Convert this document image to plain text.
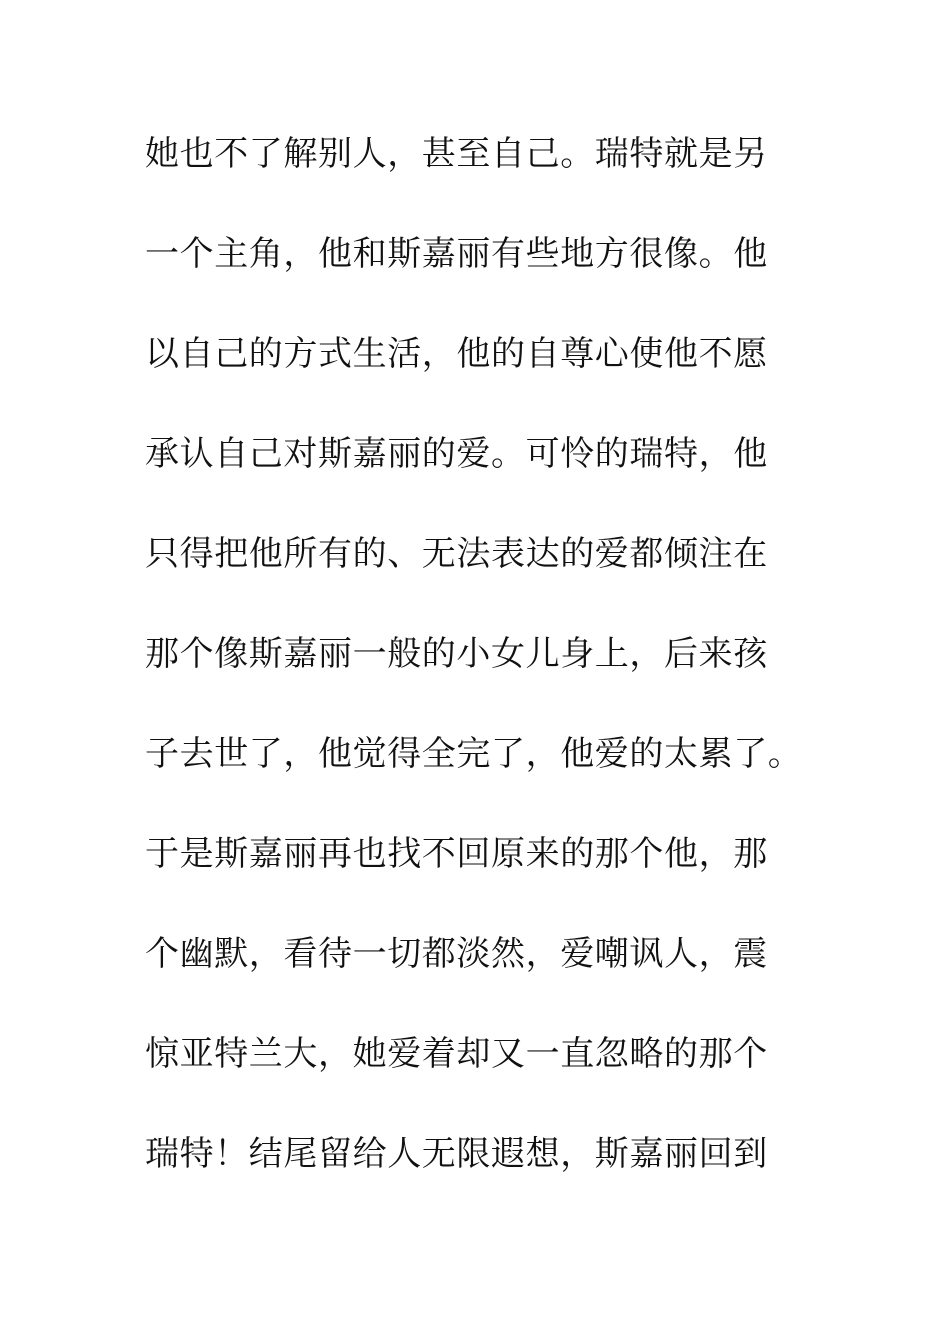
她也不了解别人，甚至自己。瑞特就是另
一个主角，他和斯嘉丽有些地方很像。他
以自己的方式生活，他的自尊心使他不愿
承认自己对斯嘉丽的爱。可怜的瑞特，他
只得把他所有的、无法表达的爱都倾注在
那个像斯嘉丽一般的小女儿身上，后来孩
子去世了，他觉得全完了，他爱的太累了。
于是斯嘉丽再也找不回原来的那个他，那
个幽默，看待一切都淡然，爱嘲讽人，震
惊亚特兰大，她爱着却又一直忽略的那个
瑞特！结尾留给人无限遐想，斯嘉丽回到
